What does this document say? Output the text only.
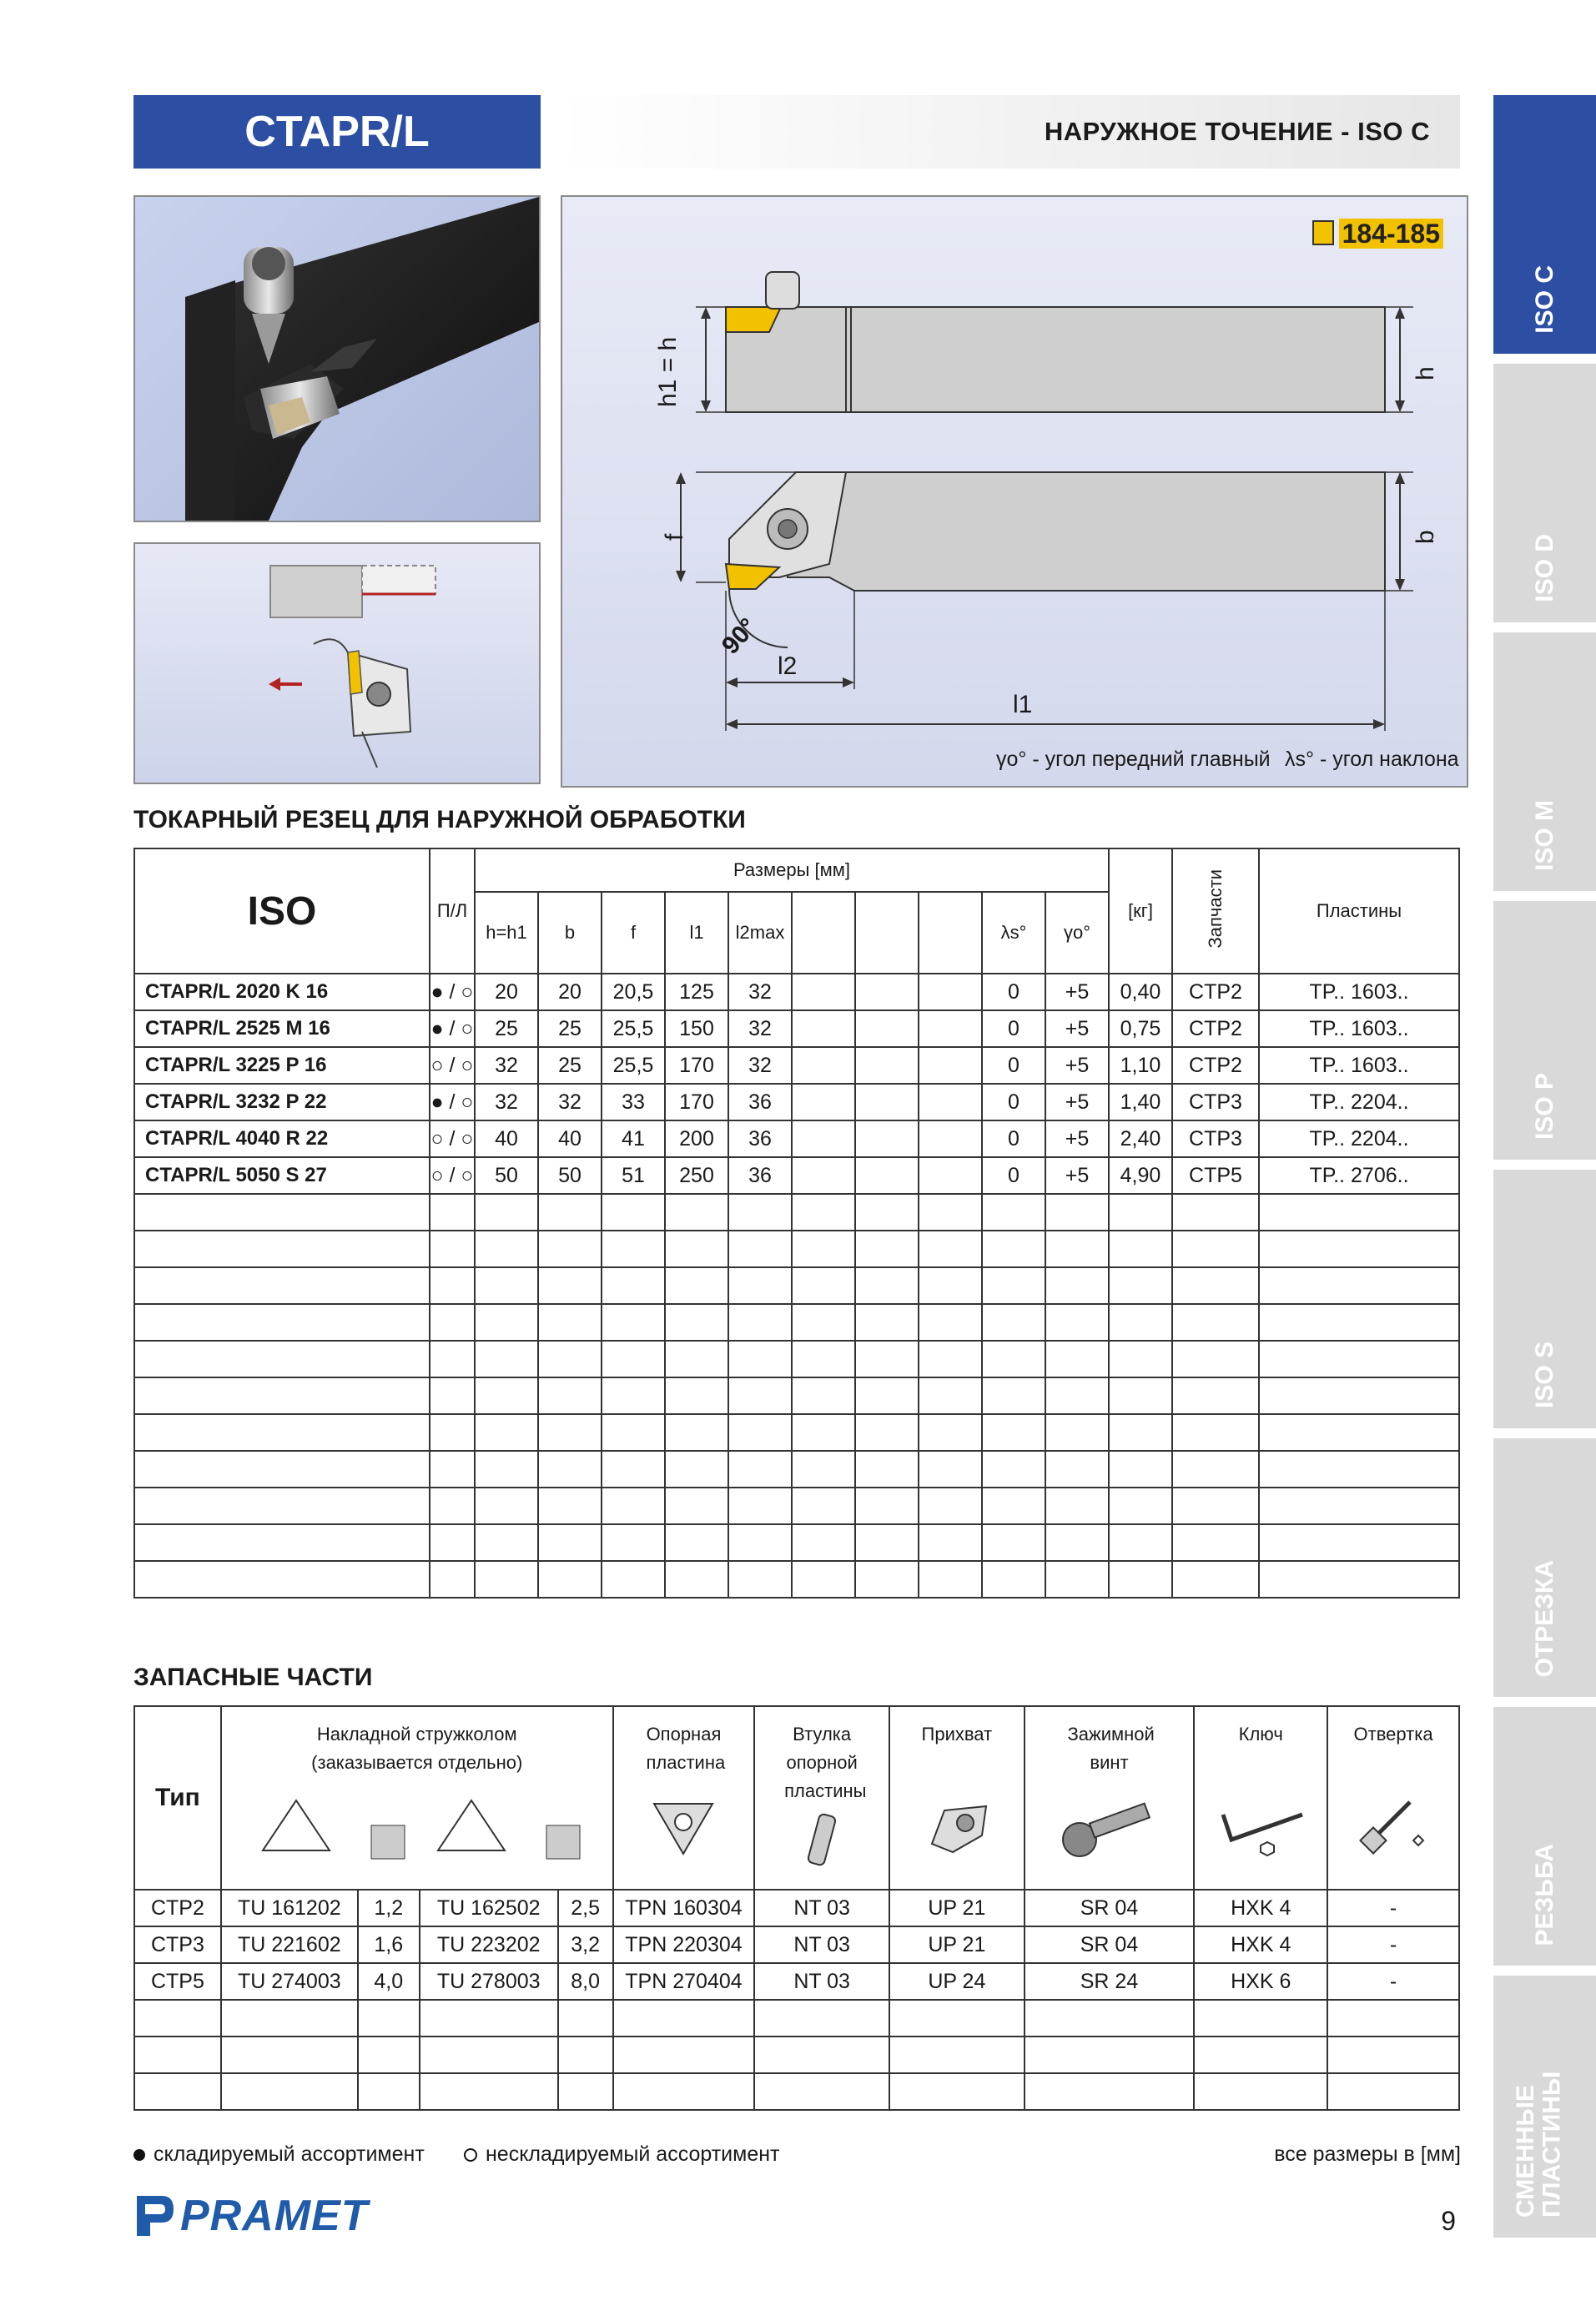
CTAPR/L	НАРУЖНОЕ ТОЧЕНИЕ - ISO C
ISO C
ISO D
ISO M
ISO P
ISO S
ОТРЕЗКА
РЕЗЬБА
СМЕННЫЕ ПЛАСТИНЫ
184-185
h1 = h	h
f	b
90°
l2
l1
γo° - угол передний главный λs° - угол наклона
ТОКАРНЫЙ РЕЗЕЦ ДЛЯ НАРУЖНОЙ ОБРАБОТКИ
ISO	П/Л	Размеры [мм]										[кг]	Запчасти	Пластины
		h=h1	b	f	l1	l2max				λs°	γo°			
CTAPR/L 2020 K 16	● / ○	20	20	20,5	125	32				0	+5	0,40	CTP2	TP.. 1603..
CTAPR/L 2525 M 16	● / ○	25	25	25,5	150	32				0	+5	0,75	CTP2	TP.. 1603..
CTAPR/L 3225 P 16	○ / ○	32	25	25,5	170	32				0	+5	1,10	CTP2	TP.. 1603..
CTAPR/L 3232 P 22	● / ○	32	32	33	170	36				0	+5	1,40	CTP3	TP.. 2204..
CTAPR/L 4040 R 22	○ / ○	40	40	41	200	36				0	+5	2,40	CTP3	TP.. 2204..
CTAPR/L 5050 S 27	○ / ○	50	50	51	250	36				0	+5	4,90	CTP5	TP.. 2706..

ЗАПАСНЫЕ ЧАСТИ
Тип	Накладной стружколом (заказывается отдельно)				Опорная пластина	Втулка опорной пластины	Прихват	Зажимной винт	Ключ	Отвертка

CTP2	TU 161202	1,2	TU 162502	2,5	TPN 160304	NT 03	UP 21	SR 04	HXK 4	-
CTP3	TU 221602	1,6	TU 223202	3,2	TPN 220304	NT 03	UP 21	SR 04	HXK 4	-
CTP5	TU 274003	4,0	TU 278003	8,0	TPN 270404	NT 03	UP 24	SR 24	HXK 6	-

складируемый ассортимент	нескладируемый ассортимент	все размеры в [мм]
PRAMET	9
